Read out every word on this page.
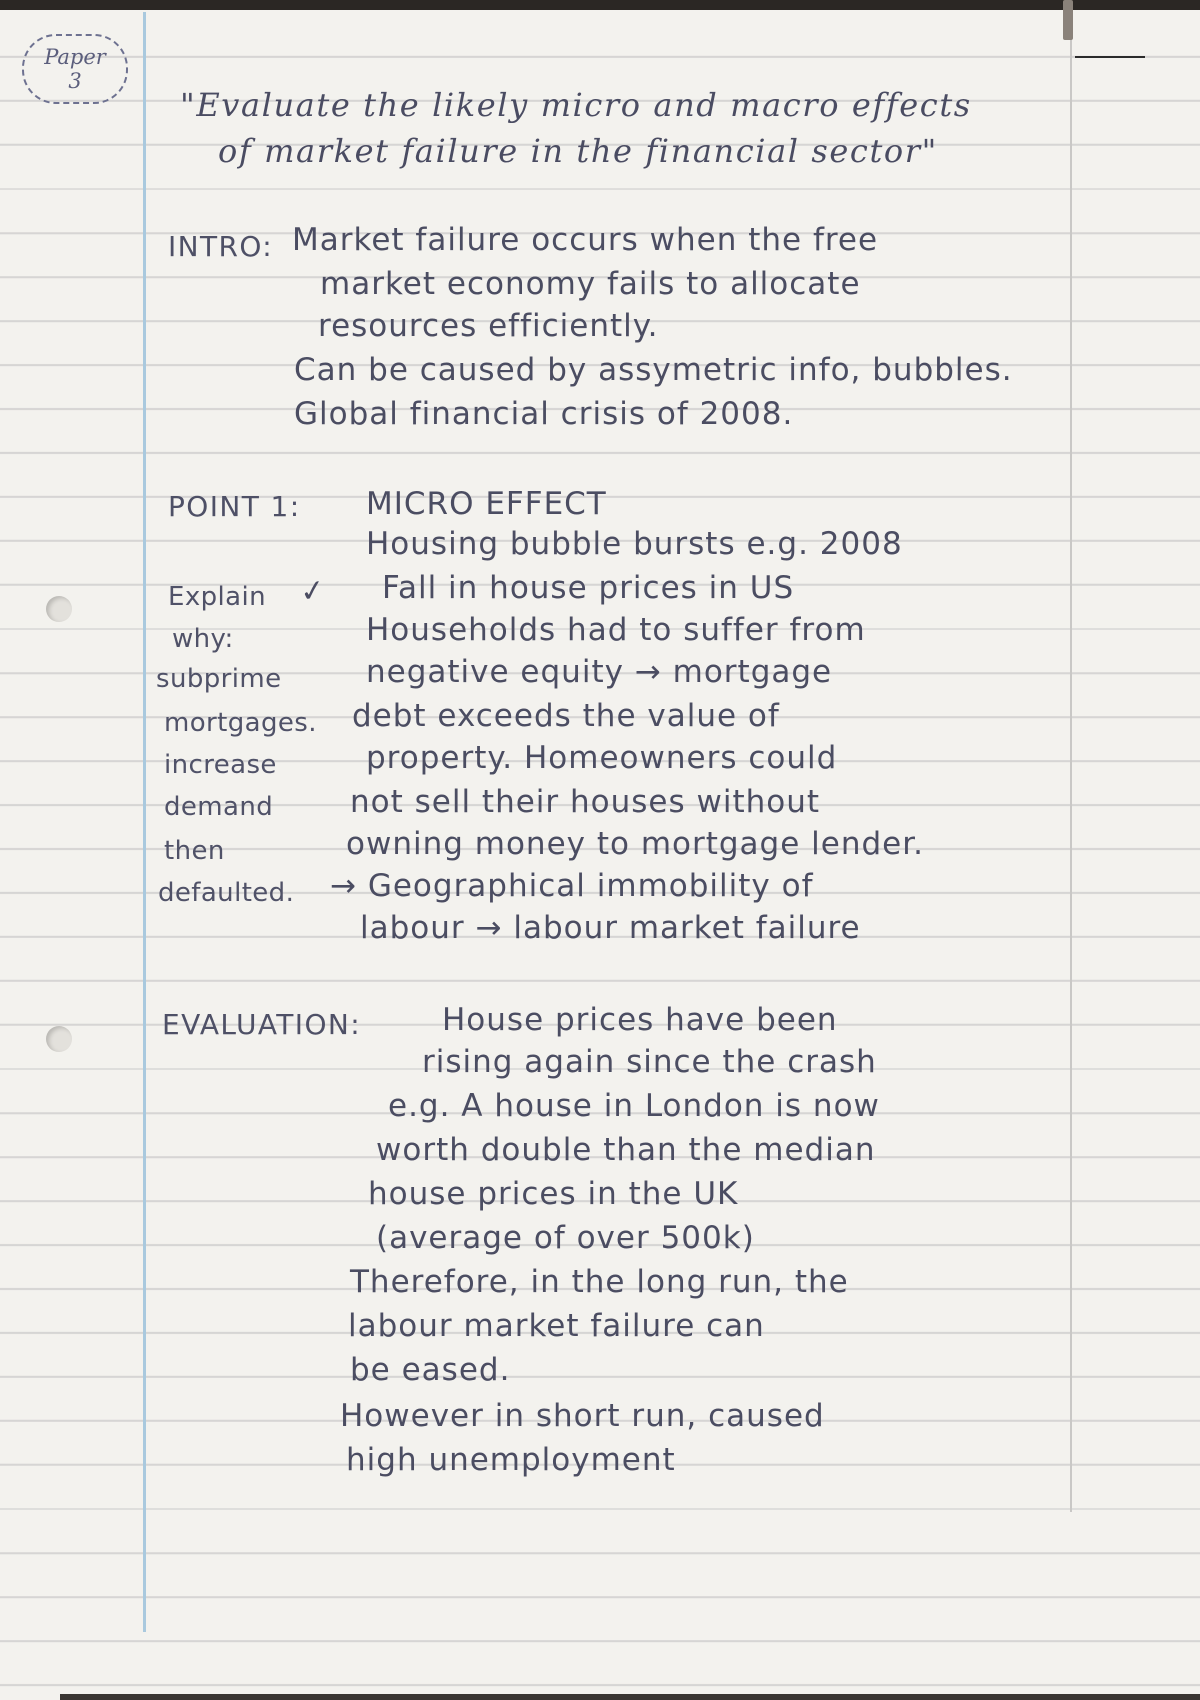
Paper
3
"Evaluate the likely micro and macro effects
of market failure in the financial sector"
INTRO: Market failure occurs when the free
market economy fails to allocate
resources efficiently.
Can be caused by assymetric info, bubbles.
Global financial crisis of 2008.
POINT 1: MICRO EFFECT
Housing bubble bursts e.g. 2008
Fall in house prices in US
Households had to suffer from
negative equity → mortgage
debt exceeds the value of
property. Homeowners could
not sell their houses without
owning money to mortgage lender.
→ Geographical immobility of
labour → labour market failure
✓
Explain
why:
subprime
mortgages.
increase
demand
then
defaulted.
EVALUATION:	House prices have been
rising again since the crash
e.g. A house in London is now
worth double than the median
house prices in the UK
(average of over 500k)
Therefore, in the long run, the
labour market failure can
be eased.
However in short run, caused
high unemployment
